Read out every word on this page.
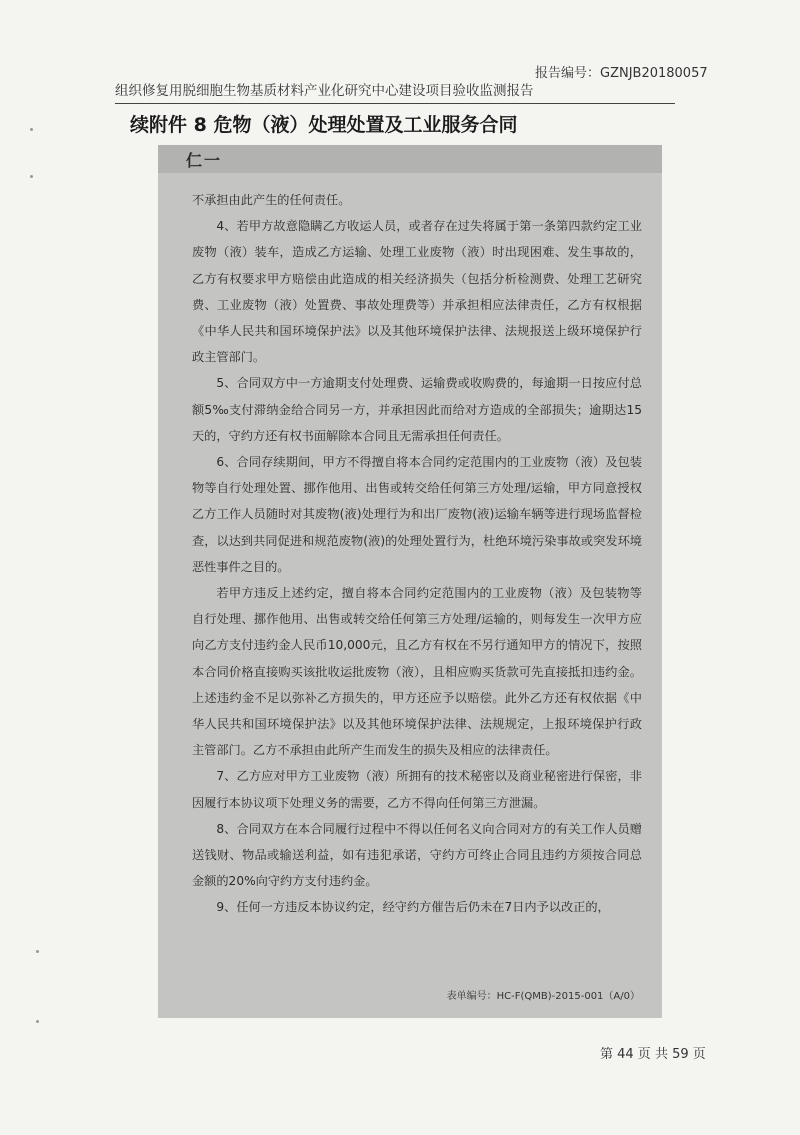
报告编号：GZNJB20180057
组织修复用脱细胞生物基质材料产业化研究中心建设项目验收监测报告
续附件 8 危物（液）处理处置及工业服务合同
仁一

不承担由此产生的任何责任。

4、若甲方故意隐瞒乙方收运人员，或者存在过失将属于第一条第四款约定工业废物（液）装车，造成乙方运输、处理工业废物（液）时出现困难、发生事故的，乙方有权要求甲方赔偿由此造成的相关经济损失（包括分析检测费、处理工艺研究费、工业废物（液）处置费、事故处理费等）并承担相应法律责任，乙方有权根据《中华人民共和国环境保护法》以及其他环境保护法律、法规报送上级环境保护行政主管部门。

5、合同双方中一方逾期支付处理费、运输费或收购费的，每逾期一日按应付总额5‰支付滞纳金给合同另一方，并承担因此而给对方造成的全部损失；逾期达15天的，守约方还有权书面解除本合同且无需承担任何责任。

6、合同存续期间，甲方不得擅自将本合同约定范围内的工业废物（液）及包装物等自行处理处置、挪作他用、出售或转交给任何第三方处理/运输，甲方同意授权乙方工作人员随时对其废物(液)处理行为和出厂废物(液)运输车辆等进行现场监督检查，以达到共同促进和规范废物(液)的处理处置行为，杜绝环境污染事故或突发环境恶性事件之目的。

若甲方违反上述约定，擅自将本合同约定范围内的工业废物（液）及包装物等自行处理、挪作他用、出售或转交给任何第三方处理/运输的，则每发生一次甲方应向乙方支付违约金人民币10,000元，且乙方有权在不另行通知甲方的情况下，按照本合同价格直接购买该批收运批废物（液），且相应购买货款可先直接抵扣违约金。上述违约金不足以弥补乙方损失的，甲方还应予以赔偿。此外乙方还有权依据《中华人民共和国环境保护法》以及其他环境保护法律、法规规定，上报环境保护行政主管部门。乙方不承担由此所产生而发生的损失及相应的法律责任。

7、乙方应对甲方工业废物（液）所拥有的技术秘密以及商业秘密进行保密，非因履行本协议项下处理义务的需要，乙方不得向任何第三方泄漏。

8、合同双方在本合同履行过程中不得以任何名义向合同对方的有关工作人员赠送钱财、物品或输送利益，如有违犯承诺，守约方可终止合同且违约方须按合同总金额的20%向守约方支付违约金。

9、任何一方违反本协议约定，经守约方催告后仍未在7日内予以改正的，

表单编号：HC-F(QMB)-2015-001（A/0）
第 44 页 共 59 页
